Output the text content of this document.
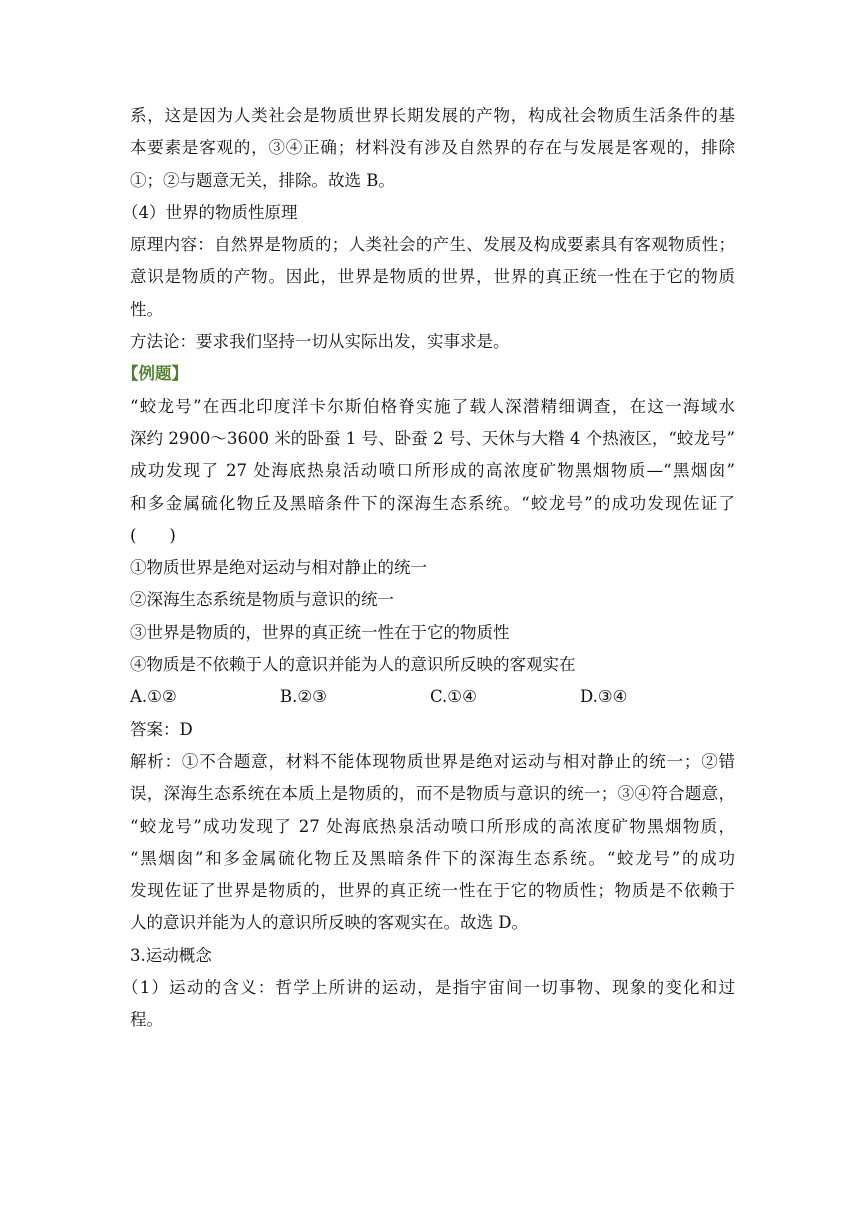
系，这是因为人类社会是物质世界长期发展的产物，构成社会物质生活条件的基
本要素是客观的，③④正确；材料没有涉及自然界的存在与发展是客观的，排除
①；②与题意无关，排除。故选 B。
（4）世界的物质性原理
原理内容：自然界是物质的；人类社会的产生、发展及构成要素具有客观物质性；
意识是物质的产物。因此，世界是物质的世界，世界的真正统一性在于它的物质
性。
方法论：要求我们坚持一切从实际出发，实事求是。
【例题】
“蛟龙号”在西北印度洋卡尔斯伯格脊实施了载人深潜精细调查，在这一海域水
深约 2900～3600 米的卧蚕 1 号、卧蚕 2 号、天休与大糌 4 个热液区，“蛟龙号”
成功发现了 27 处海底热泉活动喷口所形成的高浓度矿物黑烟物质—“黑烟囱”
和多金属硫化物丘及黑暗条件下的深海生态系统。“蛟龙号”的成功发现佐证了
(　　)
①物质世界是绝对运动与相对静止的统一
②深海生态系统是物质与意识的统一
③世界是物质的，世界的真正统一性在于它的物质性
④物质是不依赖于人的意识并能为人的意识所反映的客观实在
A.①②	B.②③	C.①④	D.③④
答案：D
解析：①不合题意，材料不能体现物质世界是绝对运动与相对静止的统一；②错
误，深海生态系统在本质上是物质的，而不是物质与意识的统一；③④符合题意，
“蛟龙号”成功发现了 27 处海底热泉活动喷口所形成的高浓度矿物黑烟物质，
“黑烟囱”和多金属硫化物丘及黑暗条件下的深海生态系统。“蛟龙号”的成功
发现佐证了世界是物质的，世界的真正统一性在于它的物质性；物质是不依赖于
人的意识并能为人的意识所反映的客观实在。故选 D。
3.运动概念
（1）运动的含义：哲学上所讲的运动，是指宇宙间一切事物、现象的变化和过
程。
